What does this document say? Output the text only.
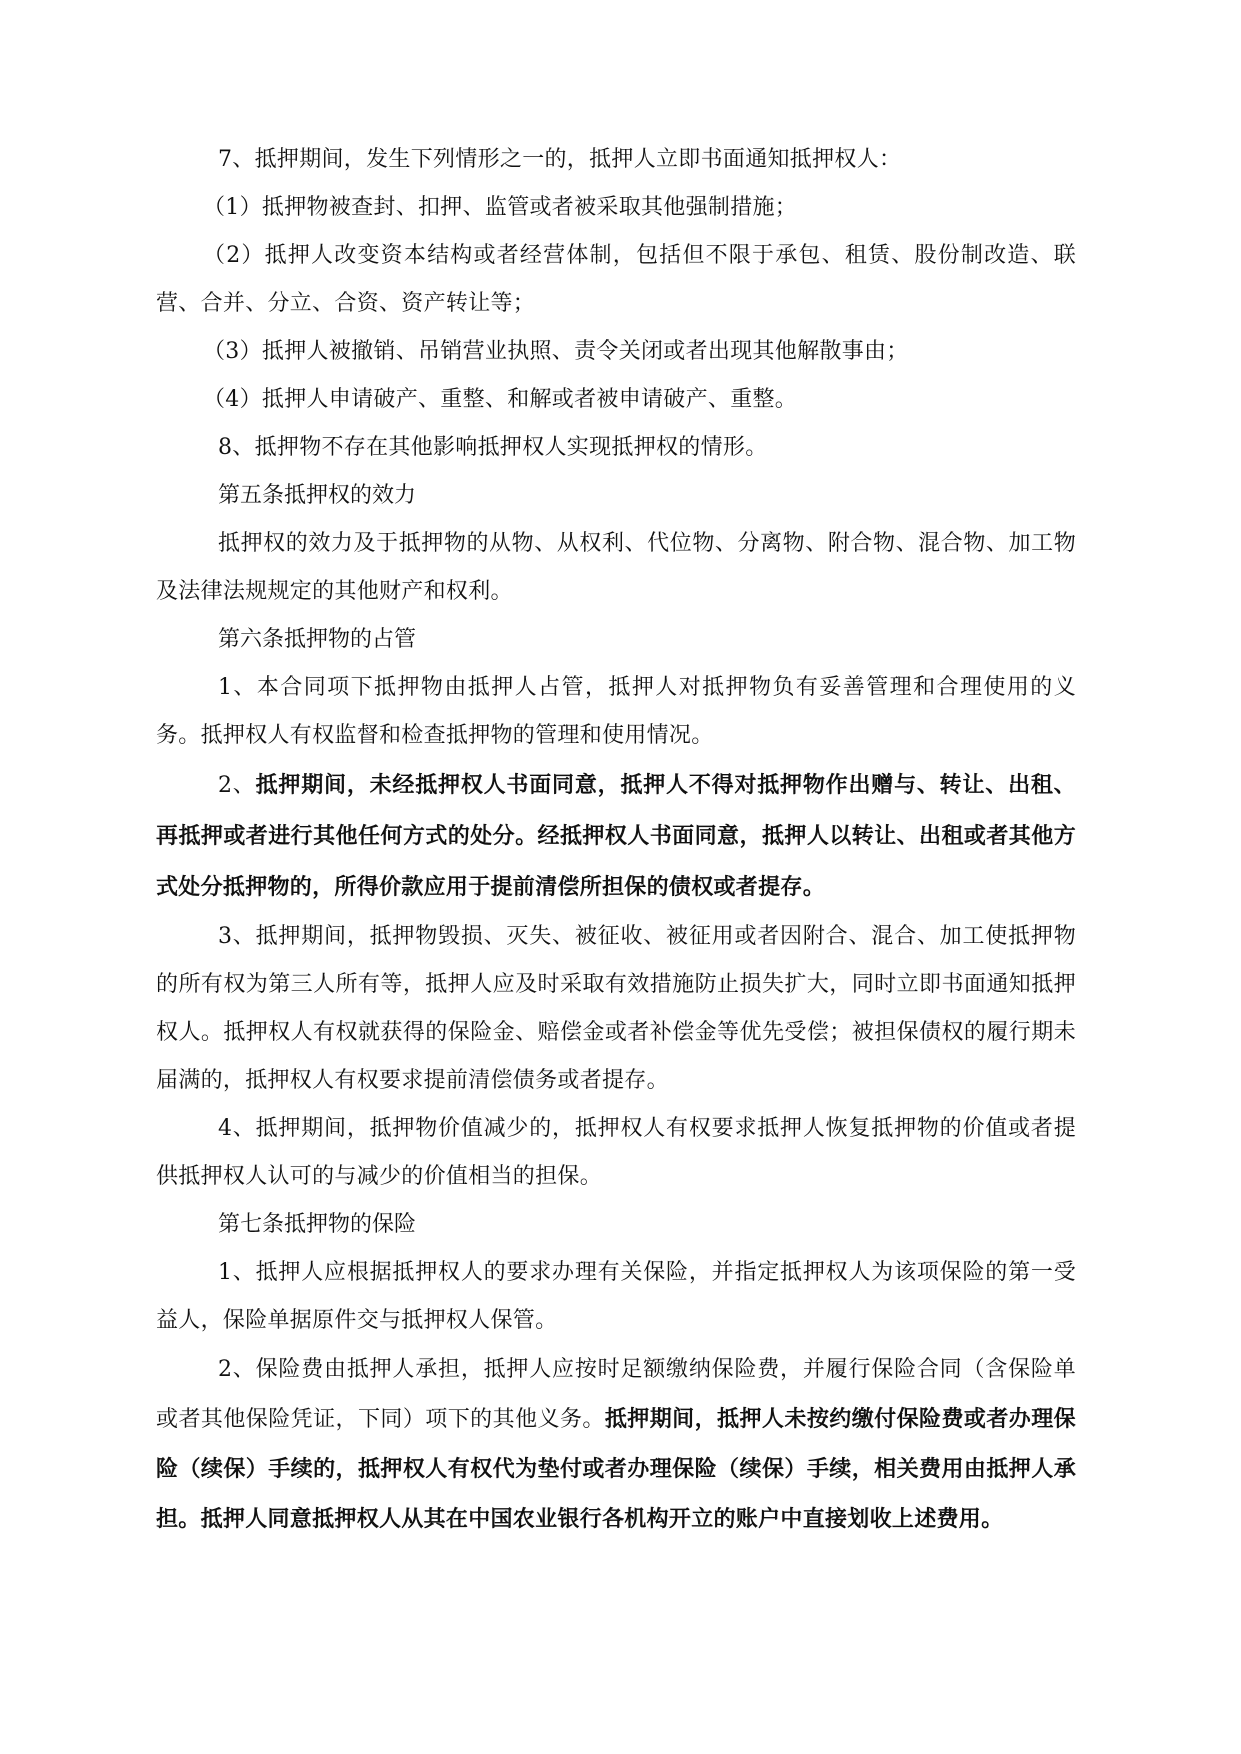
7、抵押期间，发生下列情形之一的，抵押人立即书面通知抵押权人：

（1）抵押物被查封、扣押、监管或者被采取其他强制措施；

（2）抵押人改变资本结构或者经营体制，包括但不限于承包、租赁、股份制改造、联营、合并、分立、合资、资产转让等；

（3）抵押人被撤销、吊销营业执照、责令关闭或者出现其他解散事由；

（4）抵押人申请破产、重整、和解或者被申请破产、重整。

8、抵押物不存在其他影响抵押权人实现抵押权的情形。

第五条抵押权的效力

抵押权的效力及于抵押物的从物、从权利、代位物、分离物、附合物、混合物、加工物及法律法规规定的其他财产和权利。

第六条抵押物的占管

1、本合同项下抵押物由抵押人占管，抵押人对抵押物负有妥善管理和合理使用的义务。抵押权人有权监督和检查抵押物的管理和使用情况。

2、抵押期间，未经抵押权人书面同意，抵押人不得对抵押物作出赠与、转让、出租、再抵押或者进行其他任何方式的处分。经抵押权人书面同意，抵押人以转让、出租或者其他方式处分抵押物的，所得价款应用于提前清偿所担保的债权或者提存。

3、抵押期间，抵押物毁损、灭失、被征收、被征用或者因附合、混合、加工使抵押物的所有权为第三人所有等，抵押人应及时采取有效措施防止损失扩大，同时立即书面通知抵押权人。抵押权人有权就获得的保险金、赔偿金或者补偿金等优先受偿；被担保债权的履行期未届满的，抵押权人有权要求提前清偿债务或者提存。

4、抵押期间，抵押物价值减少的，抵押权人有权要求抵押人恢复抵押物的价值或者提供抵押权人认可的与减少的价值相当的担保。

第七条抵押物的保险

1、抵押人应根据抵押权人的要求办理有关保险，并指定抵押权人为该项保险的第一受益人，保险单据原件交与抵押权人保管。

2、保险费由抵押人承担，抵押人应按时足额缴纳保险费，并履行保险合同（含保险单或者其他保险凭证，下同）项下的其他义务。抵押期间，抵押人未按约缴付保险费或者办理保险（续保）手续的，抵押权人有权代为垫付或者办理保险（续保）手续，相关费用由抵押人承担。抵押人同意抵押权人从其在中国农业银行各机构开立的账户中直接划收上述费用。
